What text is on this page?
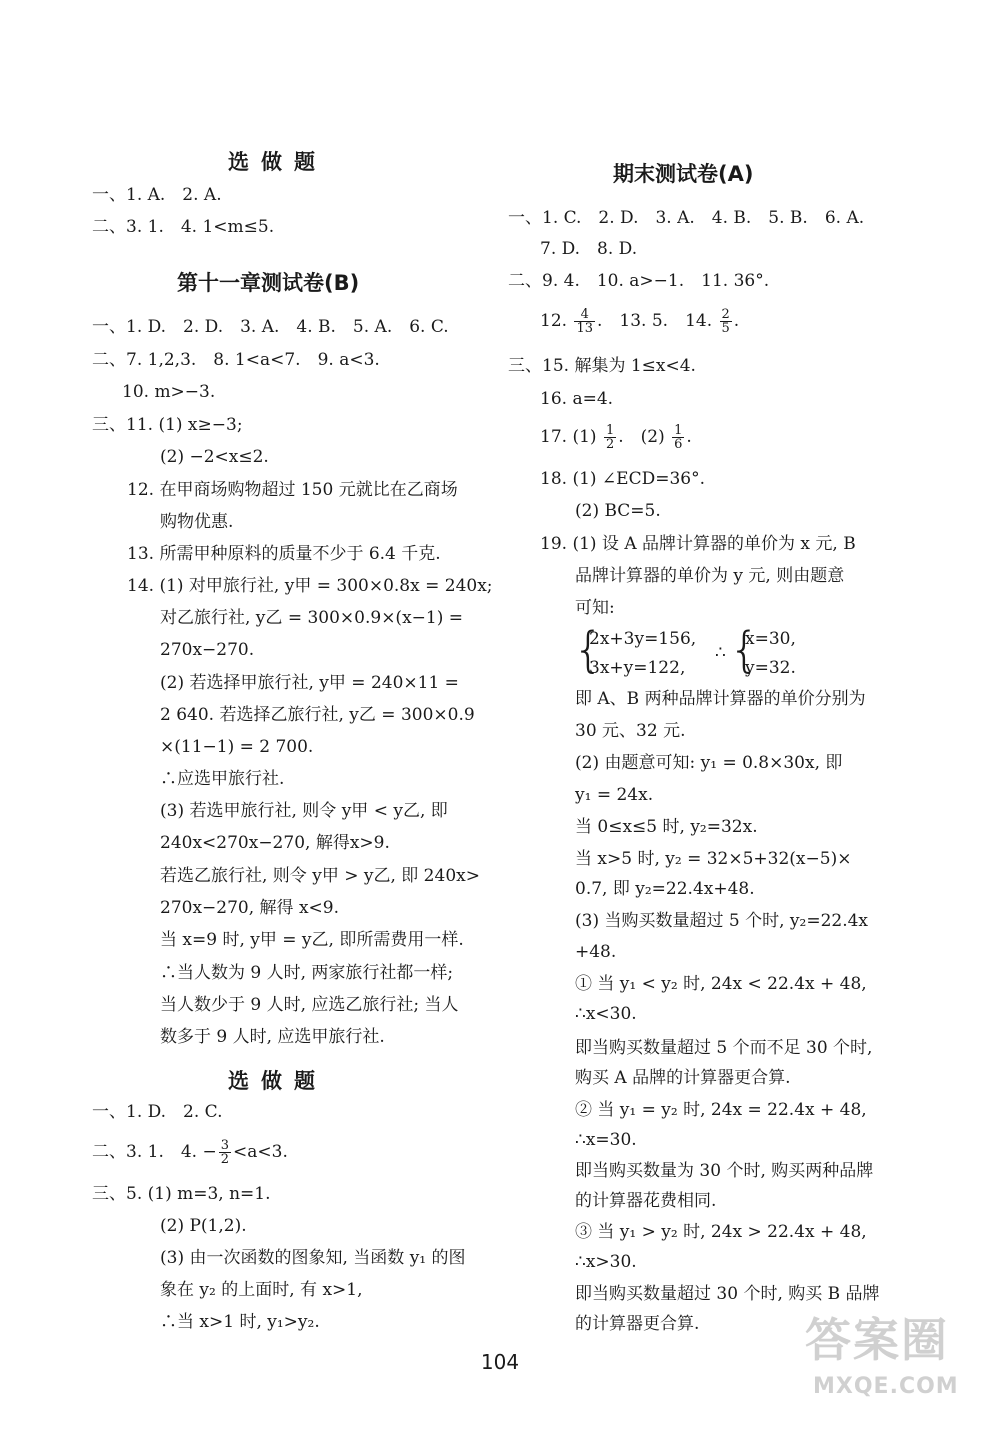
选做题
一、1. A.　2. A.
二、3. 1.　4. 1<m≤5.
第十一章测试卷(B)
一、1. D.　2. D.　3. A.　4. B.　5. A.　6. C.
二、7. 1,2,3.　8. 1<a<7.　9. a<3.
10. m>−3.
三、11. (1) x≥−3;
(2) −2<x≤2.
12. 在甲商场购物超过 150 元就比在乙商场
购物优惠.
13. 所需甲种原料的质量不少于 6.4 千克.
14. (1) 对甲旅行社, y甲 = 300×0.8x = 240x;
对乙旅行社, y乙 = 300×0.9×(x−1) =
270x−270.
(2) 若选择甲旅行社, y甲 = 240×11 =
2 640. 若选择乙旅行社, y乙 = 300×0.9
×(11−1) = 2 700.
∴应选甲旅行社.
(3) 若选甲旅行社, 则令 y甲 < y乙, 即
240x<270x−270, 解得x>9.
若选乙旅行社, 则令 y甲 > y乙, 即 240x>
270x−270, 解得 x<9.
当 x=9 时, y甲 = y乙, 即所需费用一样.
∴当人数为 9 人时, 两家旅行社都一样;
当人数少于 9 人时, 应选乙旅行社; 当人
数多于 9 人时, 应选甲旅行社.
选做题
一、1. D.　2. C.
二、3. 1.　4. − $\frac{3}{2} <a<3$.
三、5. (1) m=3, n=1.
(2) P(1,2).
(3) 由一次函数的图象知, 当函数 y₁ 的图
象在 y₂ 的上面时, 有 x>1,
∴当 x>1 时, y₁>y₂.
期末测试卷(A)
一、1. C.　2. D.　3. A.　4. B.　5. B.　6. A.
7. D.　8. D.
二、9. 4.　10. a>−1.　11. 36°.
12. $\frac{4}{13}$ .　13. 5.　14. $\frac{2}{5}$ .
三、15. 解集为 1≤x<4.
16. a=4.
17. $(1) \frac{1}{2}$ .　$(2) \frac{1}{6}$ .
18. (1) ∠ECD=36°.
(2) BC=5.
19. (1) 设 A 品牌计算器的单价为 x 元, B
品牌计算器的单价为 y 元, 则由题意
可知:
{
2x+3y=156,
3x+y=122,
∴ {
x=30,
y=32.
即 A、B 两种品牌计算器的单价分别为
30 元、32 元.
(2) 由题意可知: y₁ = 0.8×30x, 即
y₁ = 24x.
当 0≤x≤5 时, y₂=32x.
当 x>5 时, y₂ = 32×5+32(x−5)×
0.7, 即 y₂=22.4x+48.
(3) 当购买数量超过 5 个时, y₂=22.4x
+48.
① 当 y₁ < y₂ 时, 24x < 22.4x + 48,
∴x<30.
即当购买数量超过 5 个而不足 30 个时,
购买 A 品牌的计算器更合算.
② 当 y₁ = y₂ 时, 24x = 22.4x + 48,
∴x=30.
即当购买数量为 30 个时, 购买两种品牌
的计算器花费相同.
③ 当 y₁ > y₂ 时, 24x > 22.4x + 48,
∴x>30.
即当购买数量超过 30 个时, 购买 B 品牌
的计算器更合算.
104	答案圈
MXQE.COM
